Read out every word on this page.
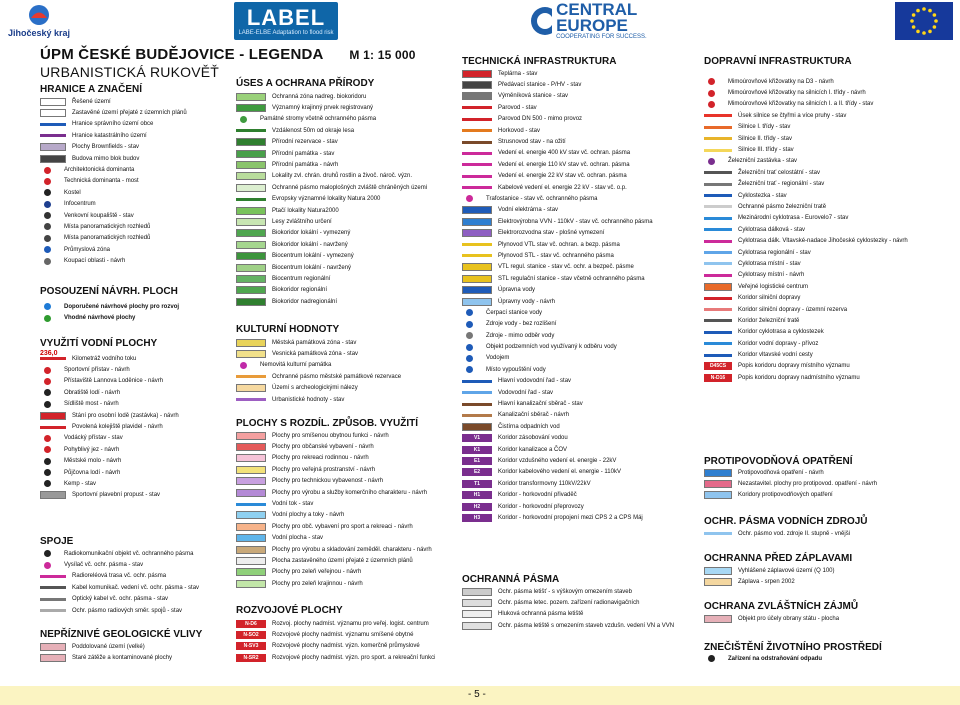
Jihočeský kraj
LABEL
LABE-ELBE Adaptation to flood risk
CENTRAL EUROPE
COOPERATING FOR SUCCESS.
ÚPM ČESKÉ BUDĚJOVICE - LEGENDA M 1: 15 000
URBANISTICKÁ RUKOVĚŤ
HRANICE A ZNAČENÍ
Řešené území
Zastavěné území přejaté z územních plánů
Hranice správního území obce
Hranice katastrálního území
Plochy Brownfields - stav
Budova mimo blok budov
Architektonická dominanta
Technická dominanta - most
Kostel
Infocentrum
Venkovní koupaliště - stav
Místa panoramatických rozhledů
Místa panoramatických rozhledů
Průmyslová zóna
Koupací oblasti - návrh
POSOUZENÍ NÁVRH. PLOCH
Doporučené návrhové plochy pro rozvoj
Vhodné návrhové plochy
VYUŽITÍ VODNÍ PLOCHY
236,0
Kilometráž vodního toku
Sportovní přístav - návrh
Přístaviště Lannova Loděnice - návrh
Obratiště lodí - návrh
Sídliště most - návrh
Stání pro osobní lodě (zastávka) - návrh
Povolená kolejiště plavidel - návrh
Vodácký přístav - stav
Pohyblivý jez - návrh
Městské molo - návrh
Půjčovna lodí - návrh
Kemp - stav
Sportovní plavební propust - stav
SPOJE
Radiokomunikační objekt vč. ochranného pásma
Vysílač vč. ochr. pásma - stav
Radioreléová trasa vč. ochr. pásma
Kabel komunikač. vedení vč. ochr. pásma - stav
Optický kabel vč. ochr. pásma - stav
Ochr. pásmo radiových směr. spojů - stav
NEPŘÍZNIVÉ GEOLOGICKÉ VLIVY
Poddolované území (velké)
Staré zátěže a kontaminované plochy
ÚSES A OCHRANA PŘÍRODY
Ochranná zóna nadreg. biokoridoru
Významný krajinný prvek registrovaný
Památné stromy včetně ochranného pásma
Vzdálenost 50m od okraje lesa
Přírodní rezervace - stav
Přírodní památka - stav
Přírodní památka - návrh
Lokality zvl. chrán. druhů rostlin a živoč. nároč. význ.
Ochranné pásmo maloplošných zvláště chráněných území
Evropsky významné lokality Natura 2000
Ptačí lokality Natura2000
Lesy zvláštního určení
Biokoridor lokální - vymezený
Biokoridor lokální - navržený
Biocentrum lokální - vymezený
Biocentrum lokální - navržený
Biocentrum regionální
Biokoridor regionální
Biokoridor nadregionální
KULTURNÍ HODNOTY
Městská památková zóna - stav
Vesnická památková zóna - stav
Nemovitá kulturní památka
Ochranné pásmo městské památkové rezervace
Území s archeologickými nálezy
Urbanistické hodnoty - stav
PLOCHY S ROZDÍL. ZPŮSOB. VYUŽITÍ
Plochy pro smíšenou obytnou funkci - návrh
Plochy pro občanské vybavení - návrh
Plochy pro rekreaci rodinnou - návrh
Plochy pro veřejná prostranství - návrh
Plochy pro technickou vybavenost - návrh
Plochy pro výrobu a služby komerčního charakteru - návrh
Vodní tok - stav
Vodní plochy a toky - návrh
Plochy pro obč. vybavení pro sport a rekreaci - návrh
Vodní plocha - stav
Plochy pro výrobu a skladování zeměděl. charakteru - návrh
Plocha zastavěného území přejaté z územních plánů
Plochy pro zeleň veřejnou - návrh
Plochy pro zeleň krajinnou - návrh
ROZVOJOVÉ PLOCHY
N-D6	Rozvoj. plochy nadmíst. významu pro veřej. logist. centrum
N-SO2	Rozvojové plochy nadmíst. významu smíšené obytné
N-SV3	Rozvojové plochy nadmíst. význ. komerčně průmyslové
N-SR2	Rozvojové plochy nadmíst. význ. pro sport. a rekreační funkci
TECHNICKÁ INFRASTRUKTURA
Teplárna - stav
Předávací stanice - P/HV - stav
Výměníková stanice - stav
Parovod - stav
Parovod DN 500 - mimo provoz
Horkovod - stav
Strusnovod stav - na ožití
Vedení el. energie 400 kV stav vč. ochran. pásma
Vedení el. energie 110 kV stav vč. ochran. pásma
Vedení el. energie 22 kV stav vč. ochran. pásma
Kabelové vedení el. energie 22 kV - stav vč. o.p.
Trafostanice - stav vč. ochranného pásma
Vodní elektrárna - stav
Elektrovýrobna VVN - 110kV - stav vč. ochranného pásma
Elektrorozvodna stav - plošné vymezení
Plynovod VTL stav vč. ochran. a bezp. pásma
Plynovod STL - stav vč. ochranného pásma
VTL regul. stanice - stav vč. ochr. a bezpeč. pásme
STL regulační stanice - stav včetně ochranného pásma
Úpravna vody
Úpravny vody - návrh
Čerpací stanice vody
Zdroje vody - bez rozlišení
Zdroje - mimo odběr vody
Objekt podzemních vod využívaný k odběru vody
Vodojem
Místo vypouštění vody
Hlavní vodovodní řad - stav
Vodovodní řad - stav
Hlavní kanalizační sběrač - stav
Kanalizační sběrač - návrh
Čistírna odpadních vod
V1	Koridor zásobování vodou
K1	Koridor kanalizace a ČOV
E1	Koridor vzdušného vedení el. energie - 22kV
E2	Koridor kabelového vedení el. energie - 110kV
T1	Koridor transformovny 110kV/22kV
H1	Koridor - horkovodní přivaděč
H2	Koridor - horkovodní přeprovozy
H3	Koridor - horkovodní propojení mezi CPS 2 a CPS Máj
OCHRANNÁ PÁSMA
Ochr. pásma letišť - s výškovým omezením staveb
Ochr. pásma letec. pozem. zařízení radionavigačních
Hluková ochranná pásma letiště
Ochr. pásma letiště s omezením staveb vzdušn. vedení VN a VVN
DOPRAVNÍ INFRASTRUKTURA
Mimoúrovňové křižovatky na D3 - návrh
Mimoúrovňové křižovatky na silnicích I. třídy - návrh
Mimoúrovňové křižovatky na silnicích I. a II. třídy - stav
Úsek silnice se čtyřmi a více pruhy - stav
Silnice I. třídy - stav
Silnice II. třídy - stav
Silnice III. třídy - stav
Železniční zastávka - stav
Železniční trať celostátní - stav
Železniční trať - regionální - stav
Cyklostezka - stav
Ochranné pásmo železniční tratě
Mezinárodní cyklotrasa - Eurovelo7 - stav
Cyklotrasa dálková - stav
Cyklotrasa dálk. Vltavské-nadace Jihočeské cyklostezky - návrh
Cyklotrasa regionální - stav
Cyklotrasa místní - stav
Cyklotrasy místní - návrh
Veřejné logistické centrum
Koridor silniční dopravy
Koridor silniční dopravy - územní rezerva
Koridor železniční tratě
Koridor cyklotrasa a cyklostezek
Koridor vodní dopravy - přívoz
Koridor vltavské vodní cesty
D45CS	Popis koridoru dopravy místního významu
N-D16	Popis koridoru dopravy nadmístního významu
PROTIPOVODŇOVÁ OPATŘENÍ
Protipovodňová opatření - návrh
Nezastavitel. plochy pro protipovod. opatření - návrh
Koridory protipovodňových opatření
OCHR. PÁSMA VODNÍCH ZDROJŮ
Ochr. pásmo vod. zdroje II. stupně - vnější
OCHRANNA PŘED ZÁPLAVAMI
Vyhlášené záplavové území (Q 100)
Záplava - srpen 2002
OCHRANA ZVLÁŠTNÍCH ZÁJMŮ
Objekt pro účely obrany státu - plocha
ZNEČIŠTĚNÍ ŽIVOTNÍHO PROSTŘEDÍ
Zařízení na odstraňování odpadu
- 5 -
